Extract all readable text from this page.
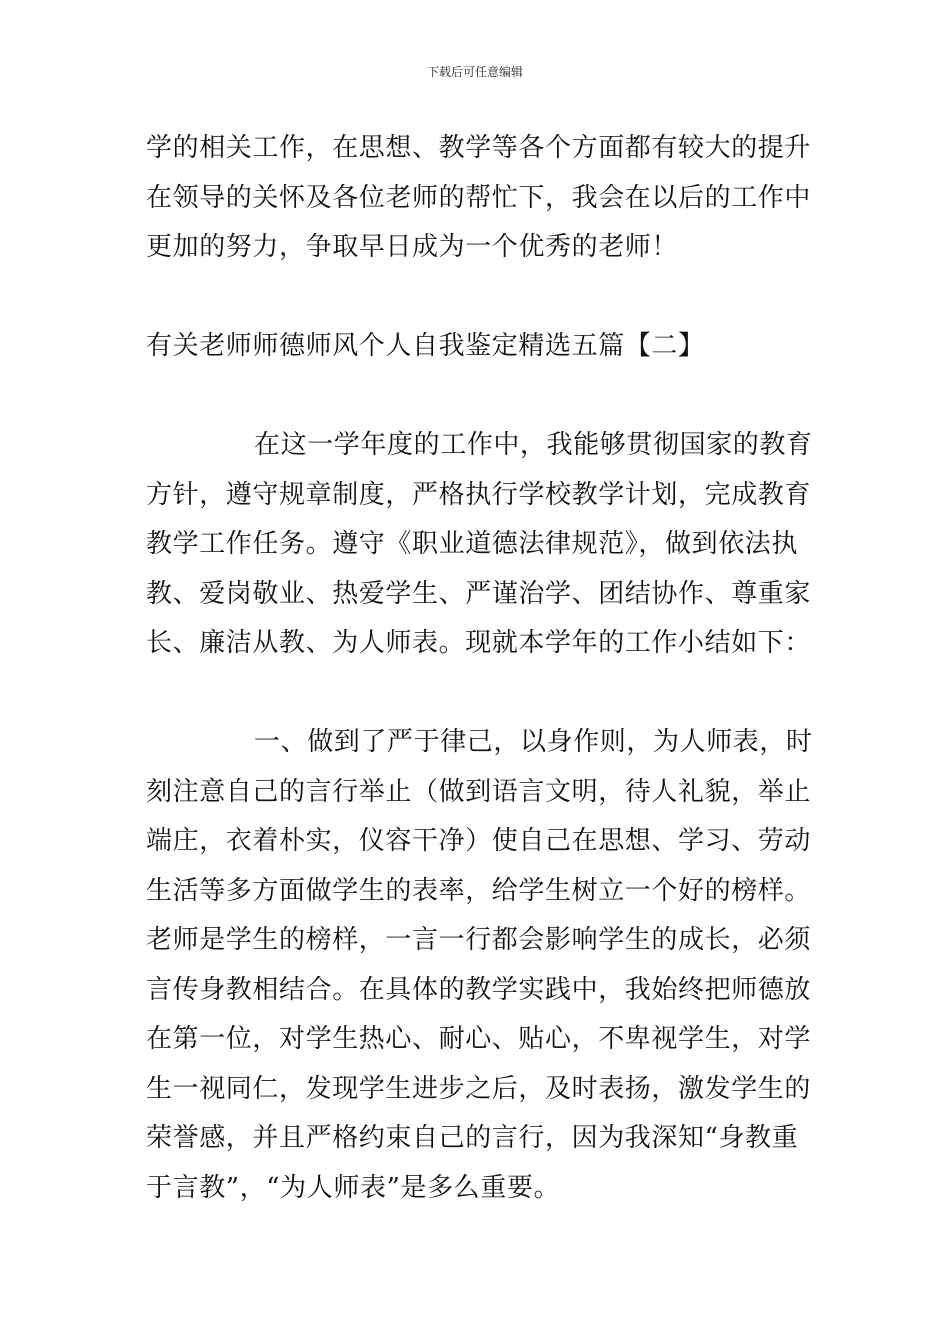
下载后可任意编辑
学的相关工作，在思想、教学等各个方面都有较大的提升
在领导的关怀及各位老师的帮忙下，我会在以后的工作中
更加的努力，争取早日成为一个优秀的老师！
有关老师师德师风个人自我鉴定精选五篇【二】
在这一学年度的工作中，我能够贯彻国家的教育
方针，遵守规章制度，严格执行学校教学计划，完成教育
教学工作任务。遵守《职业道德法律规范》，做到依法执
教、爱岗敬业、热爱学生、严谨治学、团结协作、尊重家
长、廉洁从教、为人师表。现就本学年的工作小结如下：
一、做到了严于律己，以身作则，为人师表，时
刻注意自己的言行举止（做到语言文明，待人礼貌，举止
端庄，衣着朴实，仪容干净）使自己在思想、学习、劳动
生活等多方面做学生的表率，给学生树立一个好的榜样。
老师是学生的榜样，一言一行都会影响学生的成长，必须
言传身教相结合。在具体的教学实践中，我始终把师德放
在第一位，对学生热心、耐心、贴心，不卑视学生，对学
生一视同仁，发现学生进步之后，及时表扬，激发学生的
荣誉感，并且严格约束自己的言行，因为我深知“身教重
于言教”，“为人师表”是多么重要。
